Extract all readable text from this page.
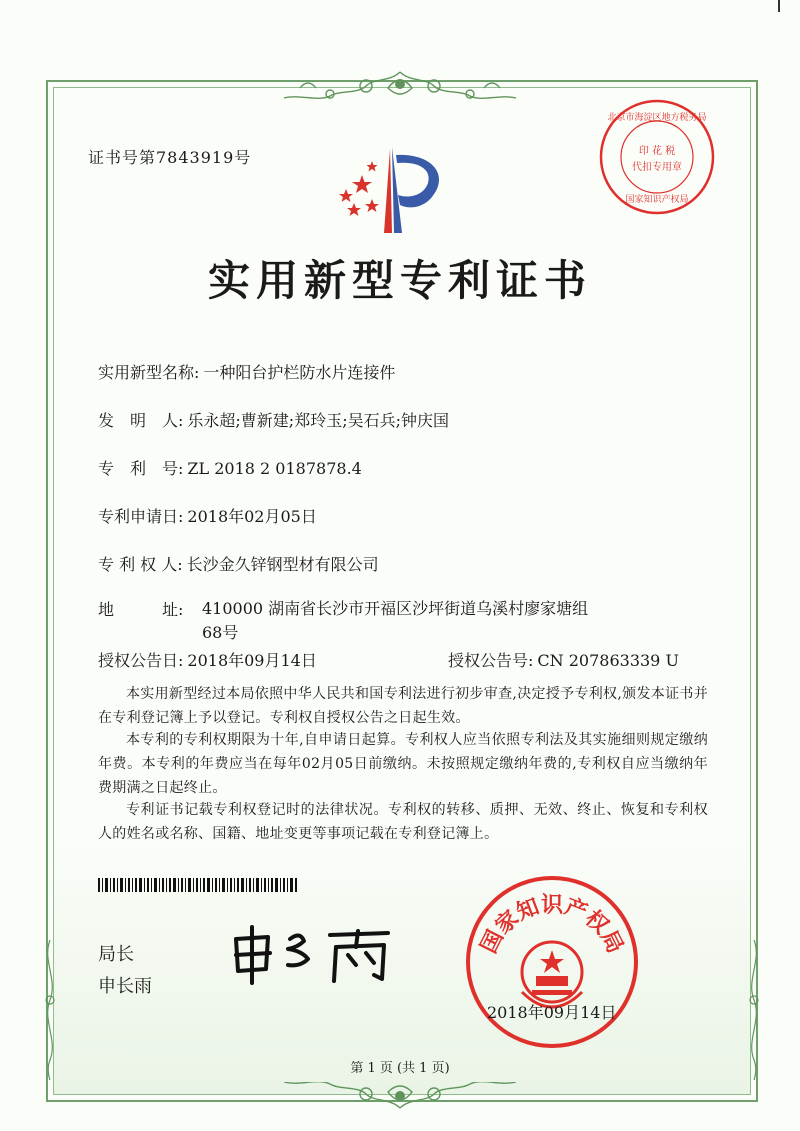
证书号第7843919号
北京市海淀区地方税务局
印 花 税
代扣专用章
国家知识产权局
实用新型专利证书
实用新型名称: 一种阳台护栏防水片连接件
发　明　人: 乐永超;曹新建;郑玲玉;吴石兵;钟庆国
专　利　号: ZL 2018 2 0187878.4
专利申请日: 2018年02月05日
专 利 权 人: 长沙金久锌钢型材有限公司
地　　　址: 410000 湖南省长沙市开福区沙坪街道乌溪村廖家塘组68号
授权公告日: 2018年09月14日	授权公告号: CN 207863339 U
本实用新型经过本局依照中华人民共和国专利法进行初步审查,决定授予专利权,颁发本证书并在专利登记簿上予以登记。专利权自授权公告之日起生效。
本专利的专利权期限为十年,自申请日起算。专利权人应当依照专利法及其实施细则规定缴纳年费。本专利的年费应当在每年02月05日前缴纳。未按照规定缴纳年费的,专利权自应当缴纳年费期满之日起终止。
专利证书记载专利权登记时的法律状况。专利权的转移、质押、无效、终止、恢复和专利权人的姓名或名称、国籍、地址变更等事项记载在专利登记簿上。
局长
申长雨
国家知识产权局
2018年09月14日
第 1 页 (共 1 页)
